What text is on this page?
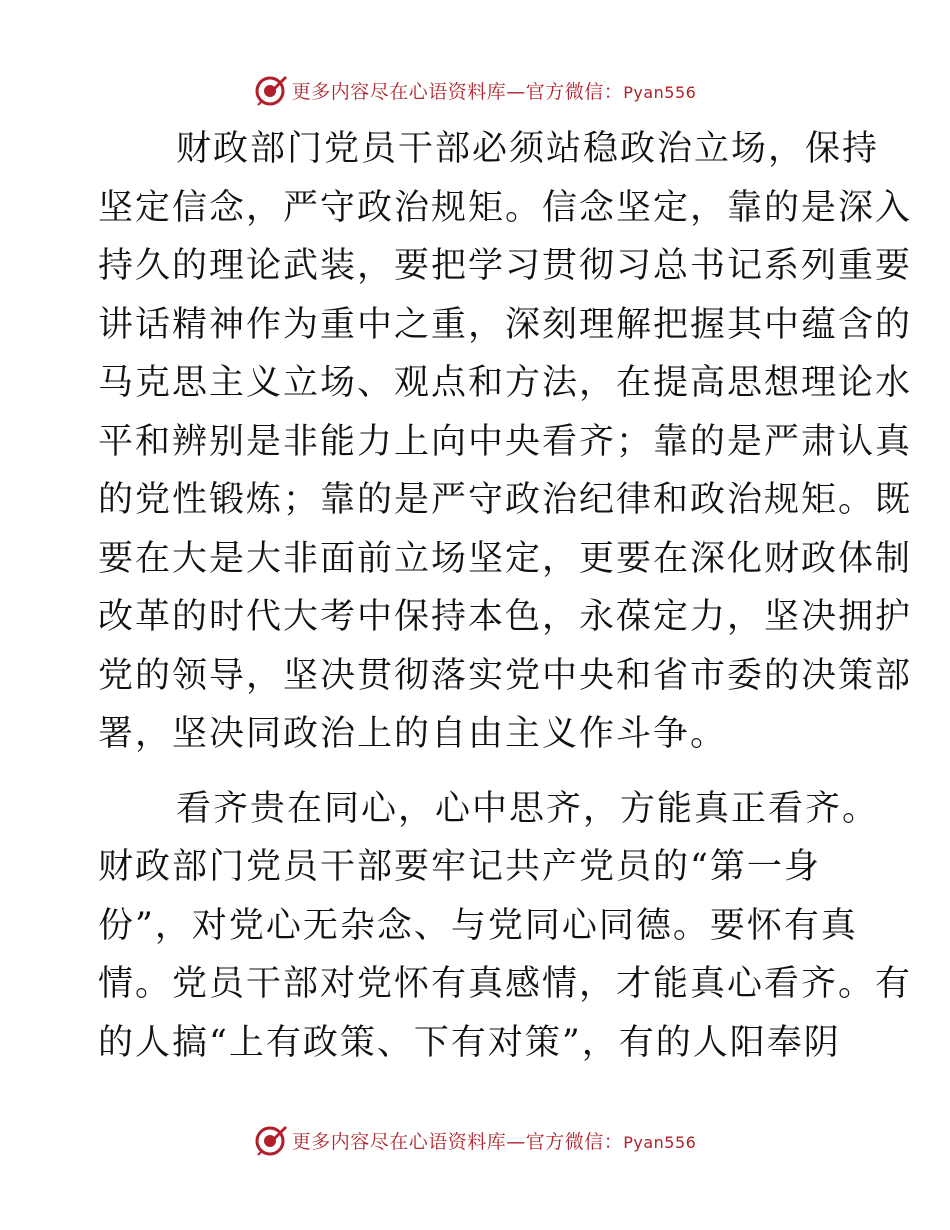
更多内容尽在心语资料库—官方微信：Pyan556

财政部门党员干部必须站稳政治立场，保持
坚定信念，严守政治规矩。信念坚定，靠的是深入
持久的理论武装，要把学习贯彻习总书记系列重要
讲话精神作为重中之重，深刻理解把握其中蕴含的
马克思主义立场、观点和方法，在提高思想理论水
平和辨别是非能力上向中央看齐；靠的是严肃认真
的党性锻炼；靠的是严守政治纪律和政治规矩。既
要在大是大非面前立场坚定，更要在深化财政体制
改革的时代大考中保持本色，永葆定力，坚决拥护
党的领导，坚决贯彻落实党中央和省市委的决策部
署，坚决同政治上的自由主义作斗争。

看齐贵在同心，心中思齐，方能真正看齐。
财政部门党员干部要牢记共产党员的“第一身
份”，对党心无杂念、与党同心同德。要怀有真
情。党员干部对党怀有真感情，才能真心看齐。有
的人搞“上有政策、下有对策”，有的人阳奉阴

更多内容尽在心语资料库—官方微信：Pyan556
